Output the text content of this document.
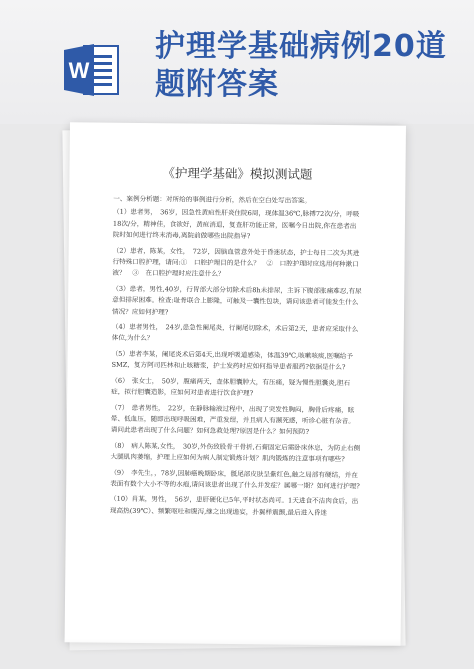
W
护理学基础病例20道题附答案
《护理学基础》模拟测试题

一、案例分析题：对所给的事例进行分析，然后在空白处写出答案。

（1）患者男，　36岁，因急性黄疸性肝炎住院6周，现体温36℃,脉搏72次/分，呼吸18次/分，精神佳，食欲好，黄疸消退，复查肝功能正常，医嘱今日出院,你在患者出院时如何进行终末消毒,离院前做哪些出院指导?

（2）患者，陈某，女性，　72岁，因脑血管意外处于昏迷状态，护士每日二次为其进行特殊口腔护理，请问:①　口腔护理目的是什么？　②　口腔护理时应选用何种漱口液？　③　在口腔护理时应注意什么？

（3）患者，男性,40岁，行胃部大部分切除术后8h未排尿，主诉下腹部胀痛难忍,有尿意但排尿困难。检查:耻骨联合上膨隆，可触及一囊性包块，请问该患者可能发生什么情况？应如何护理?

（4）患者男性，　24岁,患急性阑尾炎，行阑尾切除术，术后第2天，患者应采取什么体位,为什么？

（5）患者李某，阑尾炎术后第4天,出现呼吸道感染，体温39℃,咳嗽咳痰,医嘱给予SMZ，复方阿司匹林和止咳糖浆，护士发药时应如何指导患者服药?依据是什么?

（6）　张女士，　50岁，腹痛两天，查体胆囊肿大，有压痛，疑为慢性胆囊炎,胆石症，拟行胆囊造影，应如何对患者进行饮食护理?

（7）　患者男性，　22岁，在静脉输液过程中，出现了突发性胸闷，胸骨后疼痛，眩晕、低血压，随即出现呼吸困难，严重发绀，并且病人有濒死感，听诊心脏有杂音。请问此患者出现了什么问题？如何急救处理?原因是什么？如何预防?

（8）　病人陈某,女性，　30岁,外伤致股骨干骨折,石膏固定后需卧床休息，为防止右侧大腿肌肉萎缩，护理上应如何为病人制定锻炼计划？肌肉锻炼的注意事项有哪些?

（9）　李先生，，78岁,因肺癌晚期卧床，骶尾部皮肤呈紫红色,触之局部有硬结，并在表面有数个大小不等的水疱,请问该患者出现了什么并发症？属哪一期？如何进行护理?

（10）肖某，男性，　56岁，患肝硬化已5年,平时状态尚可。1天进食不洁肉食后，出现高热(39℃）、频繁呕吐和腹泻,继之出现谵妄，扑翼样震颤,最后进入昏迷
